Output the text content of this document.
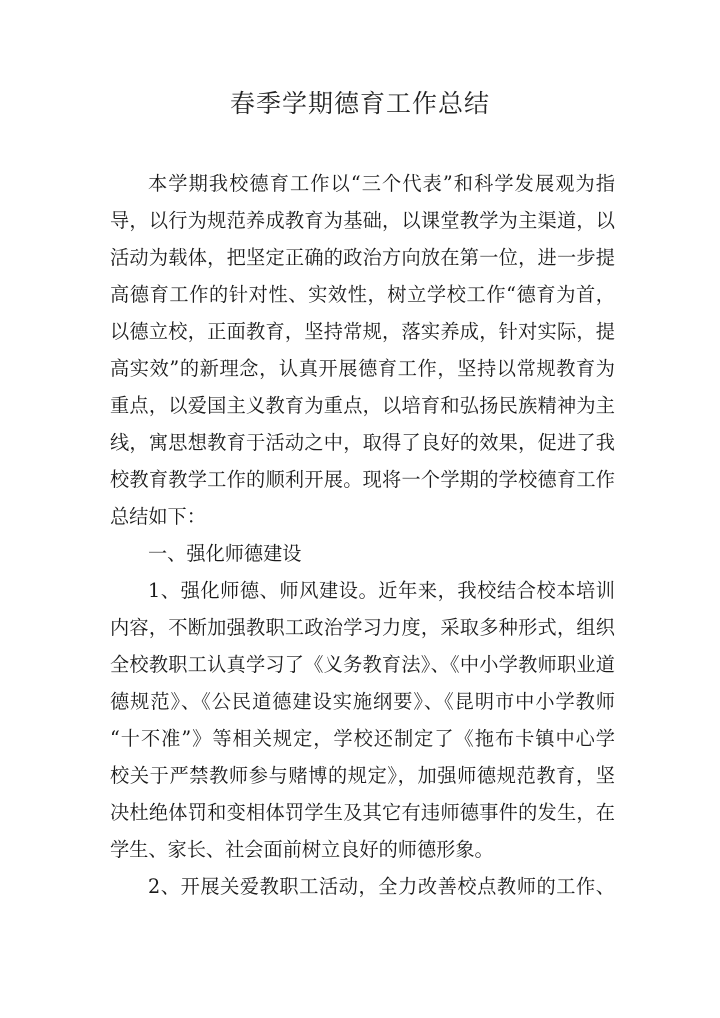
春季学期德育工作总结
本学期我校德育工作以“三个代表”和科学发展观为指
导，以行为规范养成教育为基础，以课堂教学为主渠道，以
活动为载体，把坚定正确的政治方向放在第一位，进一步提
高德育工作的针对性、实效性，树立学校工作“德育为首，
以德立校，正面教育，坚持常规，落实养成，针对实际，提
高实效”的新理念，认真开展德育工作，坚持以常规教育为
重点，以爱国主义教育为重点，以培育和弘扬民族精神为主
线，寓思想教育于活动之中，取得了良好的效果，促进了我
校教育教学工作的顺利开展。现将一个学期的学校德育工作
总结如下：
一、强化师德建设
1、强化师德、师风建设。近年来，我校结合校本培训
内容，不断加强教职工政治学习力度，采取多种形式，组织
全校教职工认真学习了《义务教育法》、《中小学教师职业道
德规范》、《公民道德建设实施纲要》、《昆明市中小学教师
“十不准”》等相关规定，学校还制定了《拖布卡镇中心学
校关于严禁教师参与赌博的规定》，加强师德规范教育，坚
决杜绝体罚和变相体罚学生及其它有违师德事件的发生，在
学生、家长、社会面前树立良好的师德形象。
2、开展关爱教职工活动，全力改善校点教师的工作、
